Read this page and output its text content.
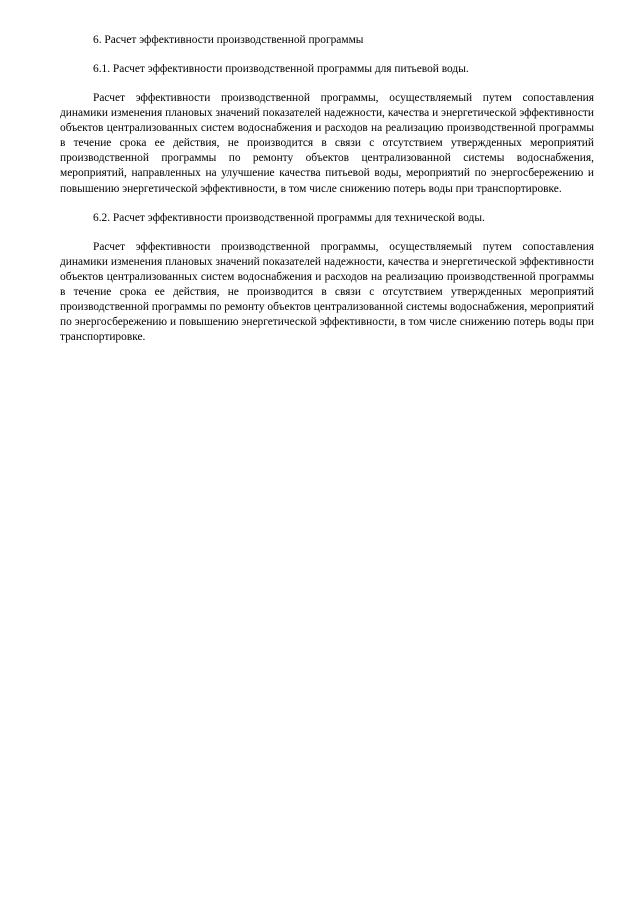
6. Расчет эффективности производственной программы

6.1. Расчет эффективности производственной программы для питьевой воды.

Расчет эффективности производственной программы, осуществляемый путем сопоставления динамики изменения плановых значений показателей надежности, качества и энергетической эффективности объектов централизованных систем водоснабжения и расходов на реализацию производственной программы в течение срока ее действия, не производится в связи с отсутствием утвержденных мероприятий производственной программы по ремонту объектов централизованной системы водоснабжения, мероприятий, направленных на улучшение качества питьевой воды, мероприятий по энергосбережению и повышению энергетической эффективности, в том числе снижению потерь воды при транспортировке.

6.2. Расчет эффективности производственной программы для технической воды.

Расчет эффективности производственной программы, осуществляемый путем сопоставления динамики изменения плановых значений показателей надежности, качества и энергетической эффективности объектов централизованных систем водоснабжения и расходов на реализацию производственной программы в течение срока ее действия, не производится в связи с отсутствием утвержденных мероприятий производственной программы по ремонту объектов централизованной системы водоснабжения, мероприятий по энергосбережению и повышению энергетической эффективности, в том числе снижению потерь воды при транспортировке.
